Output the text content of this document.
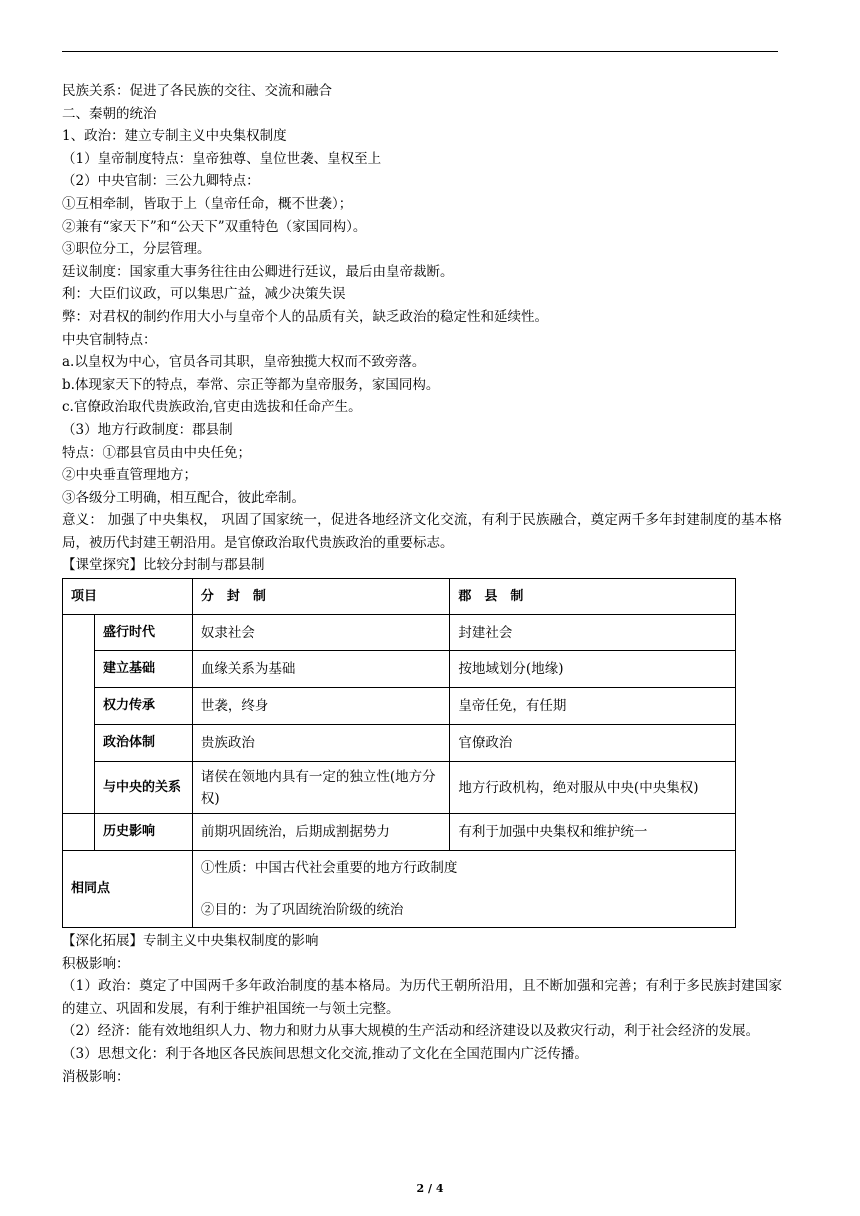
民族关系：促进了各民族的交往、交流和融合
二、秦朝的统治
1、政治：建立专制主义中央集权制度
（1）皇帝制度特点：皇帝独尊、皇位世袭、皇权至上
（2）中央官制：三公九卿特点：
①互相牵制，皆取于上（皇帝任命，概不世袭）；
②兼有“家天下”和“公天下”双重特色（家国同构）。
③职位分工，分层管理。
廷议制度：国家重大事务往往由公卿进行廷议，最后由皇帝裁断。
利：大臣们议政，可以集思广益，减少决策失误
弊：对君权的制约作用大小与皇帝个人的品质有关，缺乏政治的稳定性和延续性。
中央官制特点：
a.以皇权为中心，官员各司其职，皇帝独揽大权而不致旁落。
b.体现家天下的特点，奉常、宗正等都为皇帝服务，家国同构。
c.官僚政治取代贵族政治,官吏由选拔和任命产生。
（3）地方行政制度：郡县制
特点：①郡县官员由中央任免；
②中央垂直管理地方；
③各级分工明确，相互配合，彼此牵制。
意义： 加强了中央集权， 巩固了国家统一，促进各地经济文化交流，有利于民族融合，奠定两千多年封建制度的基本格局，被历代封建王朝沿用。是官僚政治取代贵族政治的重要标志。
【课堂探究】比较分封制与郡县制
项目		分　封　制	郡　县　制
	盛行时代	奴隶社会	封建社会
	建立基础	血缘关系为基础	按地域划分(地缘)
	权力传承	世袭，终身	皇帝任免，有任期
	政治体制	贵族政治	官僚政治
	与中央的关系	诸侯在领地内具有一定的独立性(地方分权)	地方行政机构，绝对服从中央(中央集权)
	历史影响	前期巩固统治，后期成割据势力	有利于加强中央集权和维护统一
相同点		①性质：中国古代社会重要的地方行政制度
②目的：为了巩固统治阶级的统治	
【深化拓展】专制主义中央集权制度的影响
积极影响：
（1）政治：奠定了中国两千多年政治制度的基本格局。为历代王朝所沿用，且不断加强和完善；有利于多民族封建国家的建立、巩固和发展，有利于维护祖国统一与领土完整。
（2）经济：能有效地组织人力、物力和财力从事大规模的生产活动和经济建设以及救灾行动，利于社会经济的发展。
（3）思想文化：利于各地区各民族间思想文化交流,推动了文化在全国范围内广泛传播。
消极影响：
2 / 4
